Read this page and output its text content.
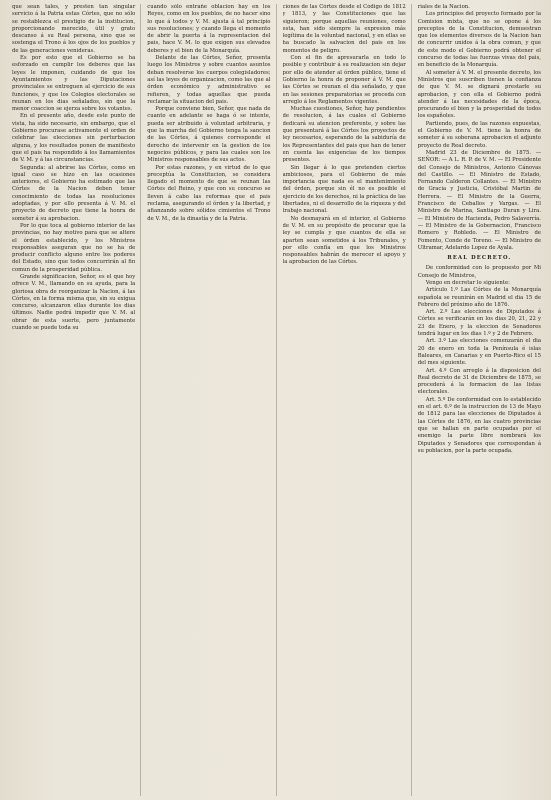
que sean tales, y presten tan singular servicio á la Patria estas Córtes, que no sólo se restablezca el prestigio de la institucion, proporcionando merecido, útil y grato descanso á su Real persona, sino que se sostenga el Trono á los ojos de los pueblos y de las generaciones venideras.

Es por esto que el Gobierno se ha esforzado en cumplir los deberes que las leyes le imponen, cuidando de que los Ayuntamientos y las Diputaciones provinciales se entreguen al ejercicio de sus funciones, y que los Colegios electorales se reunan en los dias señalados, sin que la menor coaccion se ejerza sobre los votantes.

En el presente año, desde este punto de vista, ha sido necesario, sin embargo, que el Gobierno procurase activamente el orden de celebrar las elecciones sin perturbacion alguna, y los resultados ponen de manifiesto que el pais ha respondido á los llamamientos de V. M. y á las circunstancias.

Segunda: al abrirse las Córtes, como en igual caso se hizo en las ocasiones anteriores, el Gobierno ha estimado que las Córtes de la Nacion deben tener conocimiento de todas las resoluciones adoptadas, y por ello presenta á V. M. el proyecto de decreto que tiene la honra de someter á su aprobacion.

Por lo que toca al gobierno interior de las provincias, no hay motivo para que se altere el órden establecido, y los Ministros responsables aseguran que no se ha de producir conflicto alguno entre los poderes del Estado, sino que todos concurrirán al fin comun de la prosperidad pública.

Grande significacion, Señor, es el que hoy ofrece V. M., llamando en su ayuda, para la gloriosa obra de reorganizar la Nacion, á las Córtes, en la forma misma que, sin su exigua concurso, alcanzaron ellas durante los dias últimos. Nadie podrá impedir que V. M. al obrar de esta suerte, pero juntamente cuando se puede toda su

cuando sólo entrañe oblacion hay en los Reyes, como en los pueblos, de no hacer sino lo que á todos y V. M. ajusta á tal principio sus resoluciones; y cuando llega el momento de abrir la puerta á la representacion del pais, hace V. M. lo que exigen sus elevados deberes y el bien de la Monarquía.

Delante de las Córtes, Señor, presenta luego los Ministros y sobre cuantos asuntos deban resolverse los cuerpos colegisladores; así las leyes de organizacion, como las que al órden económico y administrativo se refieren, y todas aquellas que pueda reclamar la situacion del pais.

Porque conviene bien, Señor, que nada de cuanto en adelante se haga ó se intente, pueda ser atribuido á voluntad arbitraria, y que la marcha del Gobierno tenga la sancion de las Córtes, á quienes corresponde el derecho de intervenir en la gestion de los negocios públicos, y para las cuales son los Ministros responsables de sus actos.

Por estas razones, y en virtud de lo que preceptúa la Constitucion, se considera llegado el momento de que se reunan las Córtes del Reino, y que con su concurso se lleven á cabo las reformas que el pais reclama, asegurando el órden y la libertad, y afianzando sobre sólidos cimientos el Trono de V. M., de la dinastía y de la Patria.

ciones de las Córtes desde el Código de 1812 y 1813, y las Constituciones que las siguieron; porque aquellas reuniones, como esta, han sido siempre la expresion más legítima de la voluntad nacional, y en ellas se ha buscado la salvacion del pais en los momentos de peligro.

Con el fin de apresurarla en todo lo posible y contribuir á su realizacion sin dejar por ello de atender al órden público, tiene el Gobierno la honra de proponer á V. M. que las Córtes se reunan el dia señalado, y que en las sesiones preparatorias se proceda con arreglo á los Reglamentos vigentes.

Muchas cuestiones, Señor, hay pendientes de resolucion, á las cuales el Gobierno dedicará su atencion preferente, y sobre las que presentará á las Córtes los proyectos de ley necesarios, esperando de la sabiduría de los Representantes del pais que han de tener en cuenta las exigencias de los tiempos presentes.

Sin llegar á lo que pretenden ciertos ambiciosos, para el Gobierno de más importancia que nada es el mantenimiento del órden, porque sin él no es posible el ejercicio de los derechos, ni la práctica de las libertades, ni el desarrollo de la riqueza y del trabajo nacional.

No desmayará en el interior, el Gobierno de V. M. en su propósito de procurar que la ley se cumpla y que cuantos de ella se aparten sean sometidos á los Tribunales, y por ello confía en que los Ministros responsables habrán de merecer el apoyo y la aprobacion de las Córtes.

riales de la Nacion.

Los principios del proyecto formado por la Comision mixta, que no se opone á los preceptos de la Constitucion, demuestran que los elementos diversos de la Nacion han de concurrir unidos á la obra comun, y que de este modo el Gobierno podrá obtener el concurso de todas las fuerzas vivas del pais, en beneficio de la Monarquía.

Al someter á V. M. el presente decreto, los Ministros que suscriben tienen la confianza de que V. M. se dignará prestarle su aprobacion, y con ella el Gobierno podrá atender á las necesidades de la época, procurando el bien y la prosperidad de todos los españoles.

Partiendo, pues, de las razones expuestas, el Gobierno de V. M. tiene la honra de someter á su soberana aprobacion el adjunto proyecto de Real decreto.

Madrid 23 de Diciembre de 1875. — SEÑOR: — A L. R. P. de V. M. — El Presidente del Consejo de Ministros, Antonio Cánovas del Castillo. — El Ministro de Estado, Fernando Calderon Collantes. — El Ministro de Gracia y Justicia, Cristóbal Martin de Herrera. — El Ministro de la Guerra, Francisco de Ceballos y Vargas. — El Ministro de Marina, Santiago Duran y Lira. — El Ministro de Hacienda, Pedro Salaverría. — El Ministro de la Gobernacion, Francisco Romero y Robledo. — El Ministro de Fomento, Conde de Toreno. — El Ministro de Ultramar, Adelardo Lopez de Ayala.

REAL DECRETO.

De conformidad con lo propuesto por Mi Consejo de Ministros,

Vengo en decretar lo siguiente:

Artículo 1.º Las Córtes de la Monarquía española se reunirán en Madrid el dia 15 de Febrero del próximo año de 1876.

Art. 2.º Las elecciones de Diputados á Córtes se verificarán en los dias 20, 21, 22 y 23 de Enero, y la eleccion de Senadores tendrá lugar en los dias 1.º y 2 de Febrero.

Art. 3.º Las elecciones comenzarán el dia 20 de enero en toda la Península é islas Baleares, en Canarias y en Puerto-Rico el 15 del mes siguiente.

Art. 4.º Con arreglo á la disposicion del Real decreto de 31 de Diciembre de 1875, se procederá á la formacion de las listas electorales.

Art. 5.º De conformidad con lo establecido en el art. 6.º de la instruccion de 13 de Mayo de 1812 para las elecciones de Diputados á las Córtes de 1876, en las cuatro provincias que se hallan en parte ocupadas por el enemigo la parte libre nombrará los Diputados y Senadores que correspondan á su poblacion, por la parte ocupada.
